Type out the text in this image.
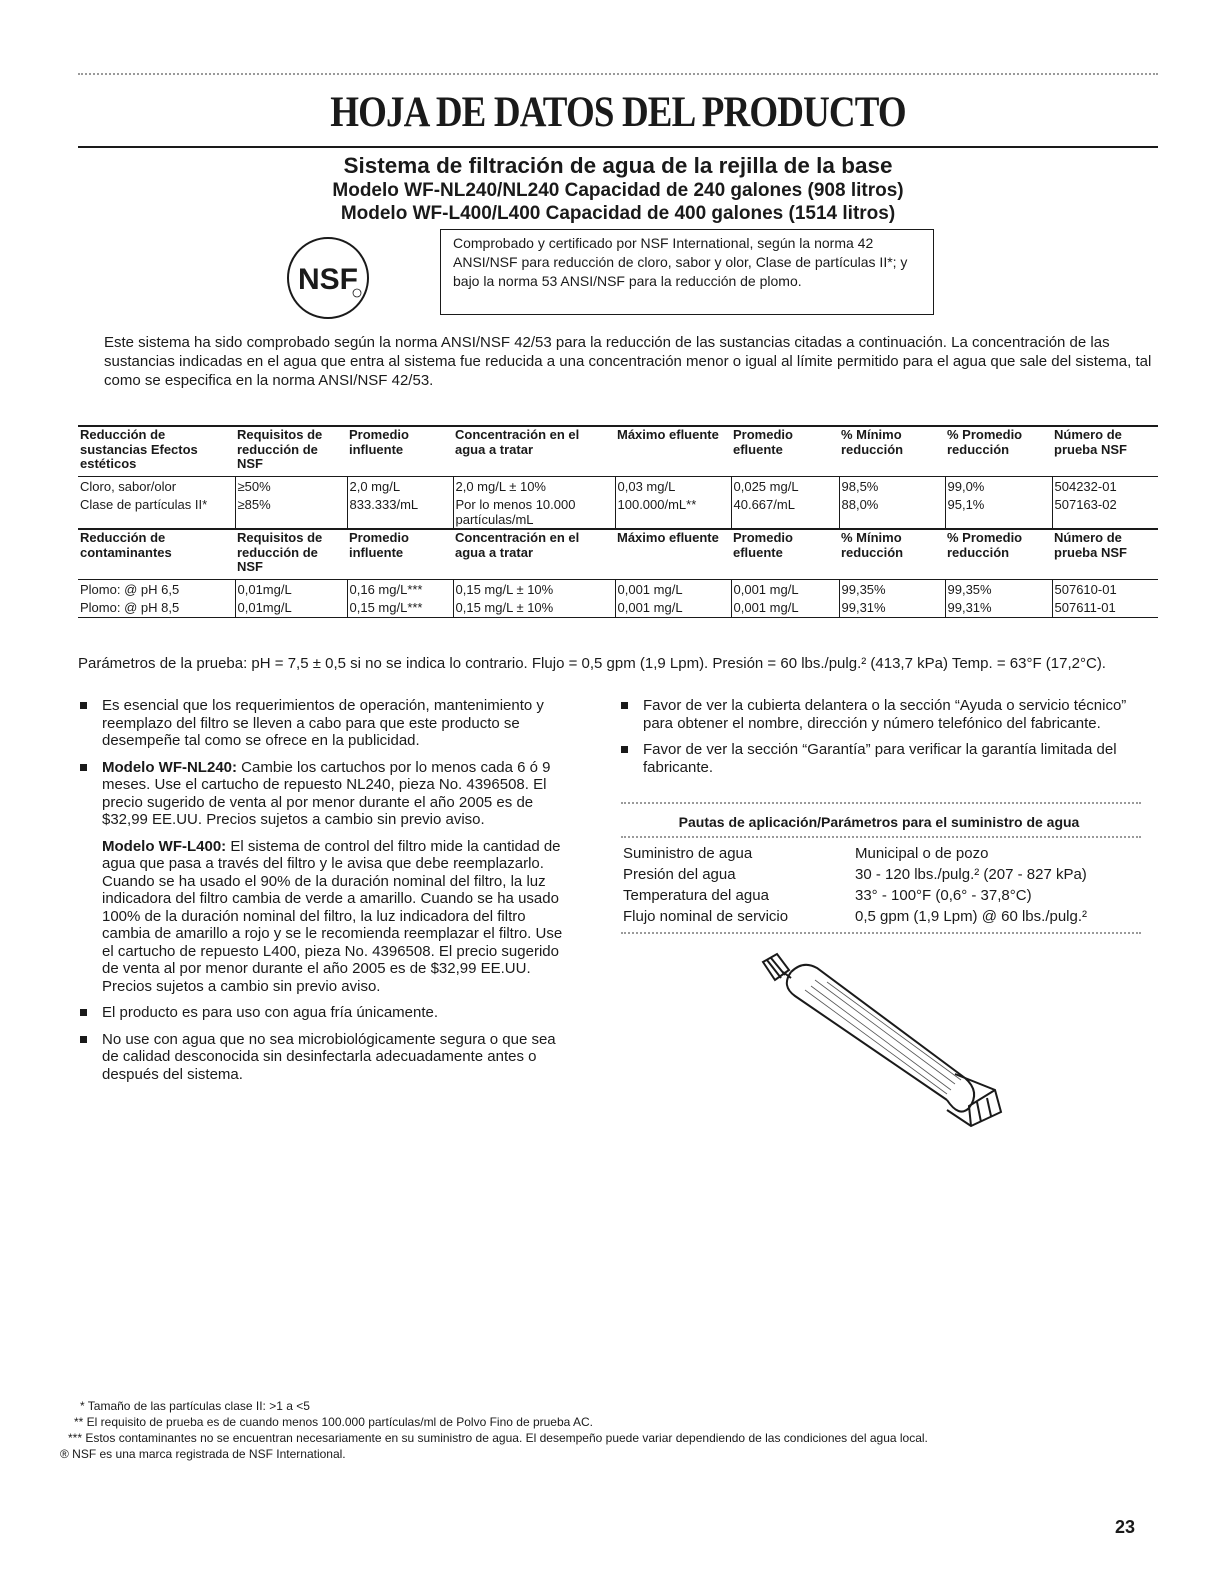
HOJA DE DATOS DEL PRODUCTO
Sistema de filtración de agua de la rejilla de la base
Modelo WF-NL240/NL240 Capacidad de 240 galones (908 litros)
Modelo WF-L400/L400 Capacidad de 400 galones (1514 litros)
NSF
Comprobado y certificado por NSF International, según la norma 42 ANSI/NSF para reducción de cloro, sabor y olor, Clase de partículas II*; y bajo la norma 53 ANSI/NSF para la reducción de plomo.
Este sistema ha sido comprobado según la norma ANSI/NSF 42/53 para la reducción de las sustancias citadas a continuación. La concentración de las sustancias indicadas en el agua que entra al sistema fue reducida a una concentración menor o igual al límite permitido para el agua que sale del sistema, tal como se especifica en la norma ANSI/NSF 42/53.
Reducción de sustancias Efectos estéticos	Requisitos de reducción de NSF	Promedio influente	Concentración en el agua a tratar	Máximo efluente	Promedio efluente	% Mínimo reducción	% Promedio reducción	Número de prueba NSF
Cloro, sabor/olor	≥50%	2,0 mg/L	2,0 mg/L ± 10%	0,03 mg/L	0,025 mg/L	98,5%	99,0%	504232-01
Clase de partículas II*	≥85%	833.333/mL	Por lo menos 10.000 partículas/mL	100.000/mL**	40.667/mL	88,0%	95,1%	507163-02
Reducción de contaminantes	Requisitos de reducción de NSF	Promedio influente	Concentración en el agua a tratar	Máximo efluente	Promedio efluente	% Mínimo reducción	% Promedio reducción	Número de prueba NSF
Plomo: @ pH 6,5	0,01mg/L	0,16 mg/L***	0,15 mg/L ± 10%	0,001 mg/L	0,001 mg/L	99,35%	99,35%	507610-01
Plomo: @ pH 8,5	0,01mg/L	0,15 mg/L***	0,15 mg/L ± 10%	0,001 mg/L	0,001 mg/L	99,31%	99,31%	507611-01
Parámetros de la prueba: pH = 7,5 ± 0,5 si no se indica lo contrario. Flujo = 0,5 gpm (1,9 Lpm). Presión = 60 lbs./pulg.² (413,7 kPa) Temp. = 63°F (17,2°C).
Es esencial que los requerimientos de operación, mantenimiento y reemplazo del filtro se lleven a cabo para que este producto se desempeñe tal como se ofrece en la publicidad.

Modelo WF-NL240: Cambie los cartuchos por lo menos cada 6 ó 9 meses. Use el cartucho de repuesto NL240, pieza No. 4396508. El precio sugerido de venta al por menor durante el año 2005 es de $32,99 EE.UU. Precios sujetos a cambio sin previo aviso.

Modelo WF-L400: El sistema de control del filtro mide la cantidad de agua que pasa a través del filtro y le avisa que debe reemplazarlo. Cuando se ha usado el 90% de la duración nominal del filtro, la luz indicadora del filtro cambia de verde a amarillo. Cuando se ha usado 100% de la duración nominal del filtro, la luz indicadora del filtro cambia de amarillo a rojo y se le recomienda reemplazar el filtro. Use el cartucho de repuesto L400, pieza No. 4396508. El precio sugerido de venta al por menor durante el año 2005 es de $32,99 EE.UU. Precios sujetos a cambio sin previo aviso.

El producto es para uso con agua fría únicamente.
No use con agua que no sea microbiológicamente segura o que sea de calidad desconocida sin desinfectarla adecuadamente antes o después del sistema.
Favor de ver la cubierta delantera o la sección “Ayuda o servicio técnico” para obtener el nombre, dirección y número telefónico del fabricante.
Favor de ver la sección “Garantía” para verificar la garantía limitada del fabricante.
Pautas de aplicación/Parámetros para el suministro de agua
Suministro de agua	Municipal o de pozo
Presión del agua	30 - 120 lbs./pulg.² (207 - 827 kPa)
Temperatura del agua	33° - 100°F (0,6° - 37,8°C)
Flujo nominal de servicio	0,5 gpm (1,9 Lpm) @ 60 lbs./pulg.²
* Tamaño de las partículas clase II: >1 a <5
** El requisito de prueba es de cuando menos 100.000 partículas/ml de Polvo Fino de prueba AC.
*** Estos contaminantes no se encuentran necesariamente en su suministro de agua. El desempeño puede variar dependiendo de las condiciones del agua local.
® NSF es una marca registrada de NSF International.
23
